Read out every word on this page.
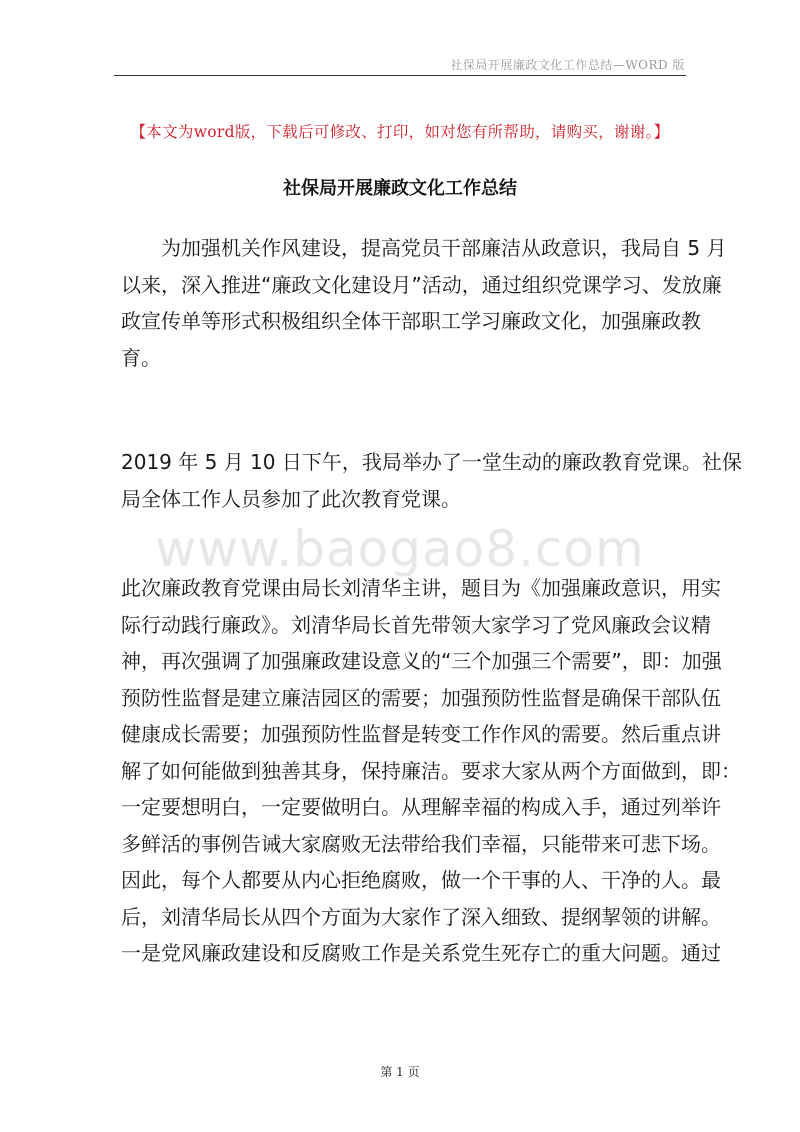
社保局开展廉政文化工作总结—WORD 版
【本文为word版，下载后可修改、打印，如对您有所帮助，请购买，谢谢。】
社保局开展廉政文化工作总结
为加强机关作风建设，提高党员干部廉洁从政意识，我局自 5 月
以来，深入推进“廉政文化建设月”活动，通过组织党课学习、发放廉
政宣传单等形式积极组织全体干部职工学习廉政文化，加强廉政教
育。
2019 年 5 月 10 日下午，我局举办了一堂生动的廉政教育党课。社保
局全体工作人员参加了此次教育党课。
此次廉政教育党课由局长刘清华主讲，题目为《加强廉政意识，用实
际行动践行廉政》。刘清华局长首先带领大家学习了党风廉政会议精
神，再次强调了加强廉政建设意义的“三个加强三个需要”，即：加强
预防性监督是建立廉洁园区的需要；加强预防性监督是确保干部队伍
健康成长需要；加强预防性监督是转变工作作风的需要。然后重点讲
解了如何能做到独善其身，保持廉洁。要求大家从两个方面做到，即：
一定要想明白，一定要做明白。从理解幸福的构成入手，通过列举许
多鲜活的事例告诫大家腐败无法带给我们幸福，只能带来可悲下场。
因此，每个人都要从内心拒绝腐败，做一个干事的人、干净的人。最
后，刘清华局长从四个方面为大家作了深入细致、提纲挈领的讲解。
一是党风廉政建设和反腐败工作是关系党生死存亡的重大问题。通过
www.baogao8.com
第 1 页
